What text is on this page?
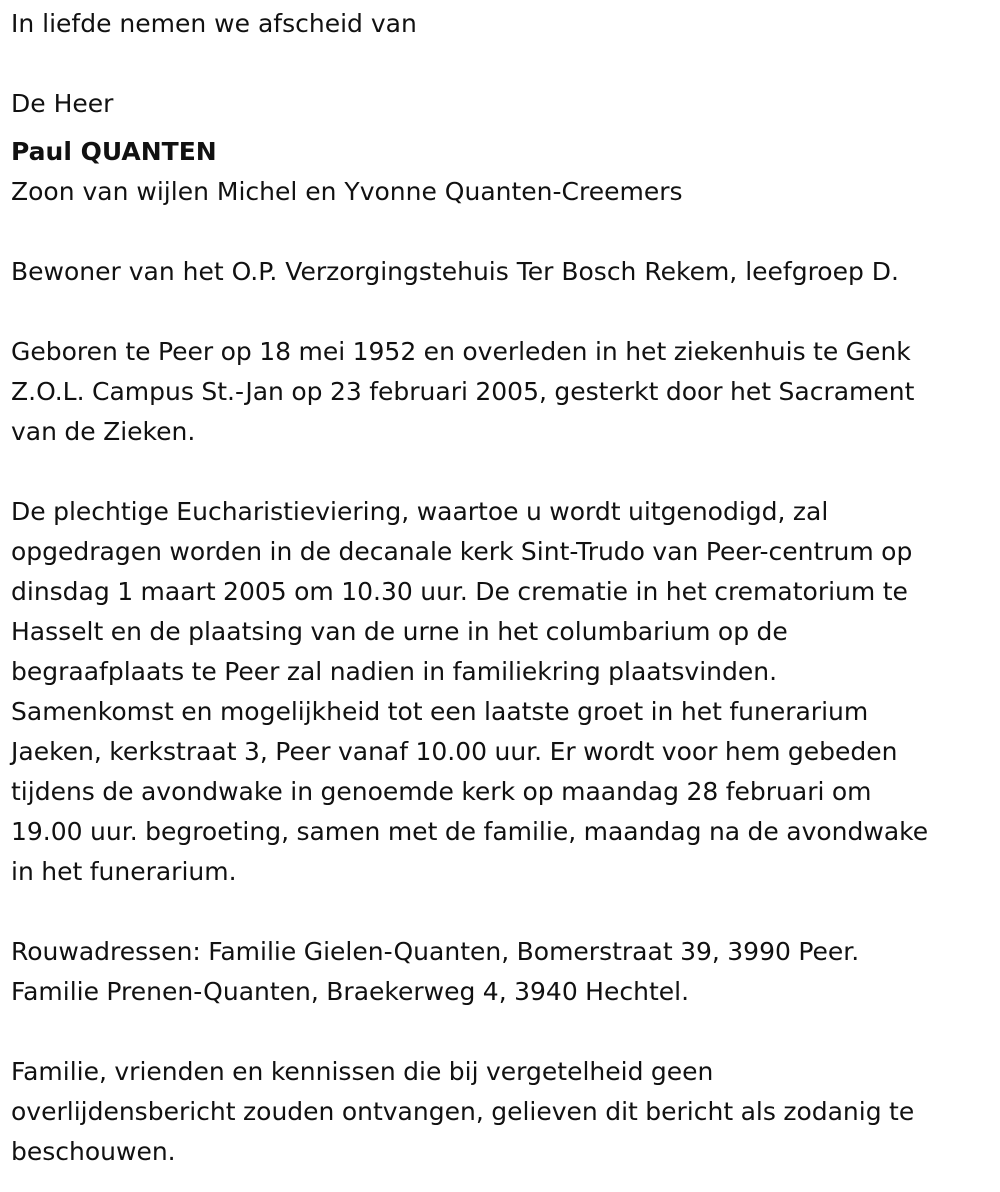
In liefde nemen we afscheid van

De Heer

Paul QUANTEN

Zoon van wijlen Michel en Yvonne Quanten-Creemers

Bewoner van het O.P. Verzorgingstehuis Ter Bosch Rekem, leefgroep D.

Geboren te Peer op 18 mei 1952 en overleden in het ziekenhuis te Genk

Z.O.L. Campus St.-Jan op 23 februari 2005, gesterkt door het Sacrament

van de Zieken.

De plechtige Eucharistieviering, waartoe u wordt uitgenodigd, zal

opgedragen worden in de decanale kerk Sint-Trudo van Peer-centrum op

dinsdag 1 maart 2005 om 10.30 uur. De crematie in het crematorium te

Hasselt en de plaatsing van de urne in het columbarium op de

begraafplaats te Peer zal nadien in familiekring plaatsvinden.

Samenkomst en mogelijkheid tot een laatste groet in het funerarium

Jaeken, kerkstraat 3, Peer vanaf 10.00 uur. Er wordt voor hem gebeden

tijdens de avondwake in genoemde kerk op maandag 28 februari om

19.00 uur. begroeting, samen met de familie, maandag na de avondwake

in het funerarium.

Rouwadressen: Familie Gielen-Quanten, Bomerstraat 39, 3990 Peer.

Familie Prenen-Quanten, Braekerweg 4, 3940 Hechtel.

Familie, vrienden en kennissen die bij vergetelheid geen

overlijdensbericht zouden ontvangen, gelieven dit bericht als zodanig te

beschouwen.
